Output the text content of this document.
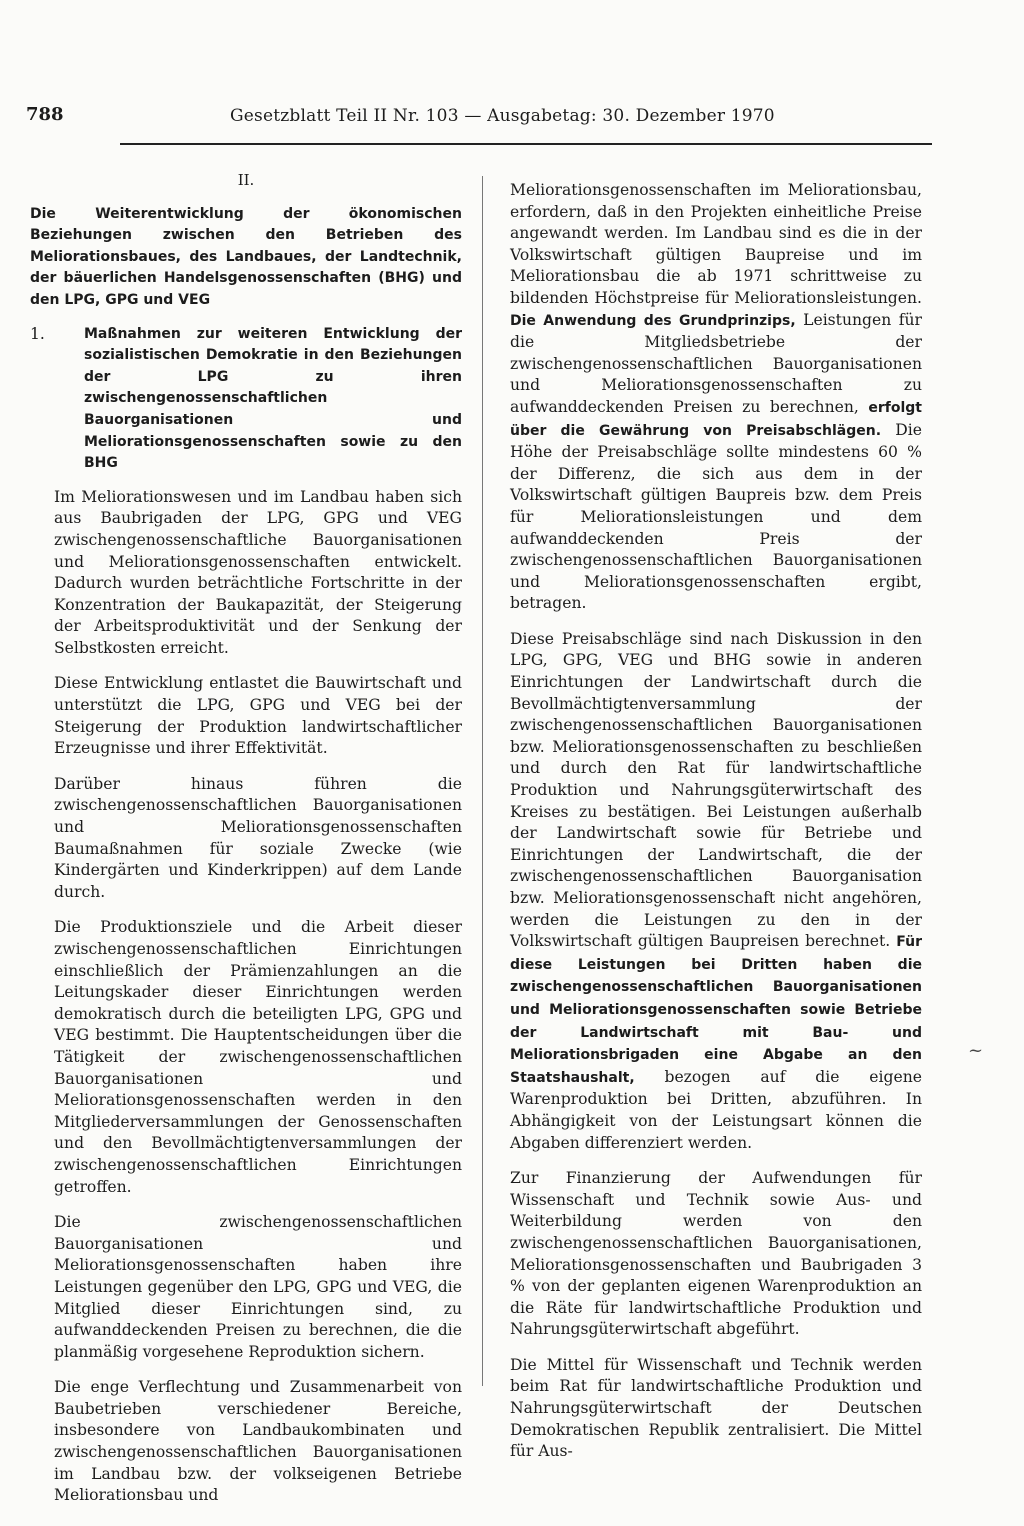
788	Gesetzblatt Teil II Nr. 103 — Ausgabetag: 30. Dezember 1970

II.

Die Weiterentwicklung der ökonomischen Beziehungen zwischen den Betrieben des Meliorationsbaues, des Landbaues, der Landtechnik, der bäuerlichen Handelsgenossenschaften (BHG) und den LPG, GPG und VEG

1.	Maßnahmen zur weiteren Entwicklung der sozialistischen Demokratie in den Beziehungen der LPG zu ihren zwischengenossenschaftlichen Bauorganisationen und Meliorationsgenossenschaften sowie zu den BHG

Im Meliorationswesen und im Landbau haben sich aus Baubrigaden der LPG, GPG und VEG zwischengenossenschaftliche Bauorganisationen und Meliorationsgenossenschaften entwickelt. Dadurch wurden beträchtliche Fortschritte in der Konzentration der Baukapazität, der Steigerung der Arbeitsproduktivität und der Senkung der Selbstkosten erreicht.

Diese Entwicklung entlastet die Bauwirtschaft und unterstützt die LPG, GPG und VEG bei der Steigerung der Produktion landwirtschaftlicher Erzeugnisse und ihrer Effektivität.

Darüber hinaus führen die zwischengenossenschaftlichen Bauorganisationen und Meliorationsgenossenschaften Baumaßnahmen für soziale Zwecke (wie Kindergärten und Kinderkrippen) auf dem Lande durch.

Die Produktionsziele und die Arbeit dieser zwischengenossenschaftlichen Einrichtungen einschließlich der Prämienzahlungen an die Leitungskader dieser Einrichtungen werden demokratisch durch die beteiligten LPG, GPG und VEG bestimmt. Die Hauptentscheidungen über die Tätigkeit der zwischengenossenschaftlichen Bauorganisationen und Meliorationsgenossenschaften werden in den Mitgliederversammlungen der Genossenschaften und den Bevollmächtigtenversammlungen der zwischengenossenschaftlichen Einrichtungen getroffen.

Die zwischengenossenschaftlichen Bauorganisationen und Meliorationsgenossenschaften haben ihre Leistungen gegenüber den LPG, GPG und VEG, die Mitglied dieser Einrichtungen sind, zu aufwanddeckenden Preisen zu berechnen, die die planmäßig vorgesehene Reproduktion sichern.

Die enge Verflechtung und Zusammenarbeit von Baubetrieben verschiedener Bereiche, insbesondere von Landbaukombinaten und zwischengenossenschaftlichen Bauorganisationen im Landbau bzw. der volkseigenen Betriebe Meliorationsbau und

Meliorationsgenossenschaften im Meliorationsbau, erfordern, daß in den Projekten einheitliche Preise angewandt werden. Im Landbau sind es die in der Volkswirtschaft gültigen Baupreise und im Meliorationsbau die ab 1971 schrittweise zu bildenden Höchstpreise für Meliorationsleistungen. Die Anwendung des Grundprinzips, Leistungen für die Mitgliedsbetriebe der zwischengenossenschaftlichen Bauorganisationen und Meliorationsgenossenschaften zu aufwanddeckenden Preisen zu berechnen, erfolgt über die Gewährung von Preisabschlägen. Die Höhe der Preisabschläge sollte mindestens 60 % der Differenz, die sich aus dem in der Volkswirtschaft gültigen Baupreis bzw. dem Preis für Meliorationsleistungen und dem aufwanddeckenden Preis der zwischengenossenschaftlichen Bauorganisationen und Meliorationsgenossenschaften ergibt, betragen.

Diese Preisabschläge sind nach Diskussion in den LPG, GPG, VEG und BHG sowie in anderen Einrichtungen der Landwirtschaft durch die Bevollmächtigtenversammlung der zwischengenossenschaftlichen Bauorganisationen bzw. Meliorationsgenossenschaften zu beschließen und durch den Rat für landwirtschaftliche Produktion und Nahrungsgüterwirtschaft des Kreises zu bestätigen. Bei Leistungen außerhalb der Landwirtschaft sowie für Betriebe und Einrichtungen der Landwirtschaft, die der zwischengenossenschaftlichen Bauorganisation bzw. Meliorationsgenossenschaft nicht angehören, werden die Leistungen zu den in der Volkswirtschaft gültigen Baupreisen berechnet. Für diese Leistungen bei Dritten haben die zwischengenossenschaftlichen Bauorganisationen und Meliorationsgenossenschaften sowie Betriebe der Landwirtschaft mit Bau- und Meliorationsbrigaden eine Abgabe an den Staatshaushalt, bezogen auf die eigene Warenproduktion bei Dritten, abzuführen. In Abhängigkeit von der Leistungsart können die Abgaben differenziert werden.

Zur Finanzierung der Aufwendungen für Wissenschaft und Technik sowie Aus- und Weiterbildung werden von den zwischengenossenschaftlichen Bauorganisationen, Meliorationsgenossenschaften und Baubrigaden 3 % von der geplanten eigenen Warenproduktion an die Räte für landwirtschaftliche Produktion und Nahrungsgüterwirtschaft abgeführt.

Die Mittel für Wissenschaft und Technik werden beim Rat für landwirtschaftliche Produktion und Nahrungsgüterwirtschaft der Deutschen Demokratischen Republik zentralisiert. Die Mittel für Aus-

~
